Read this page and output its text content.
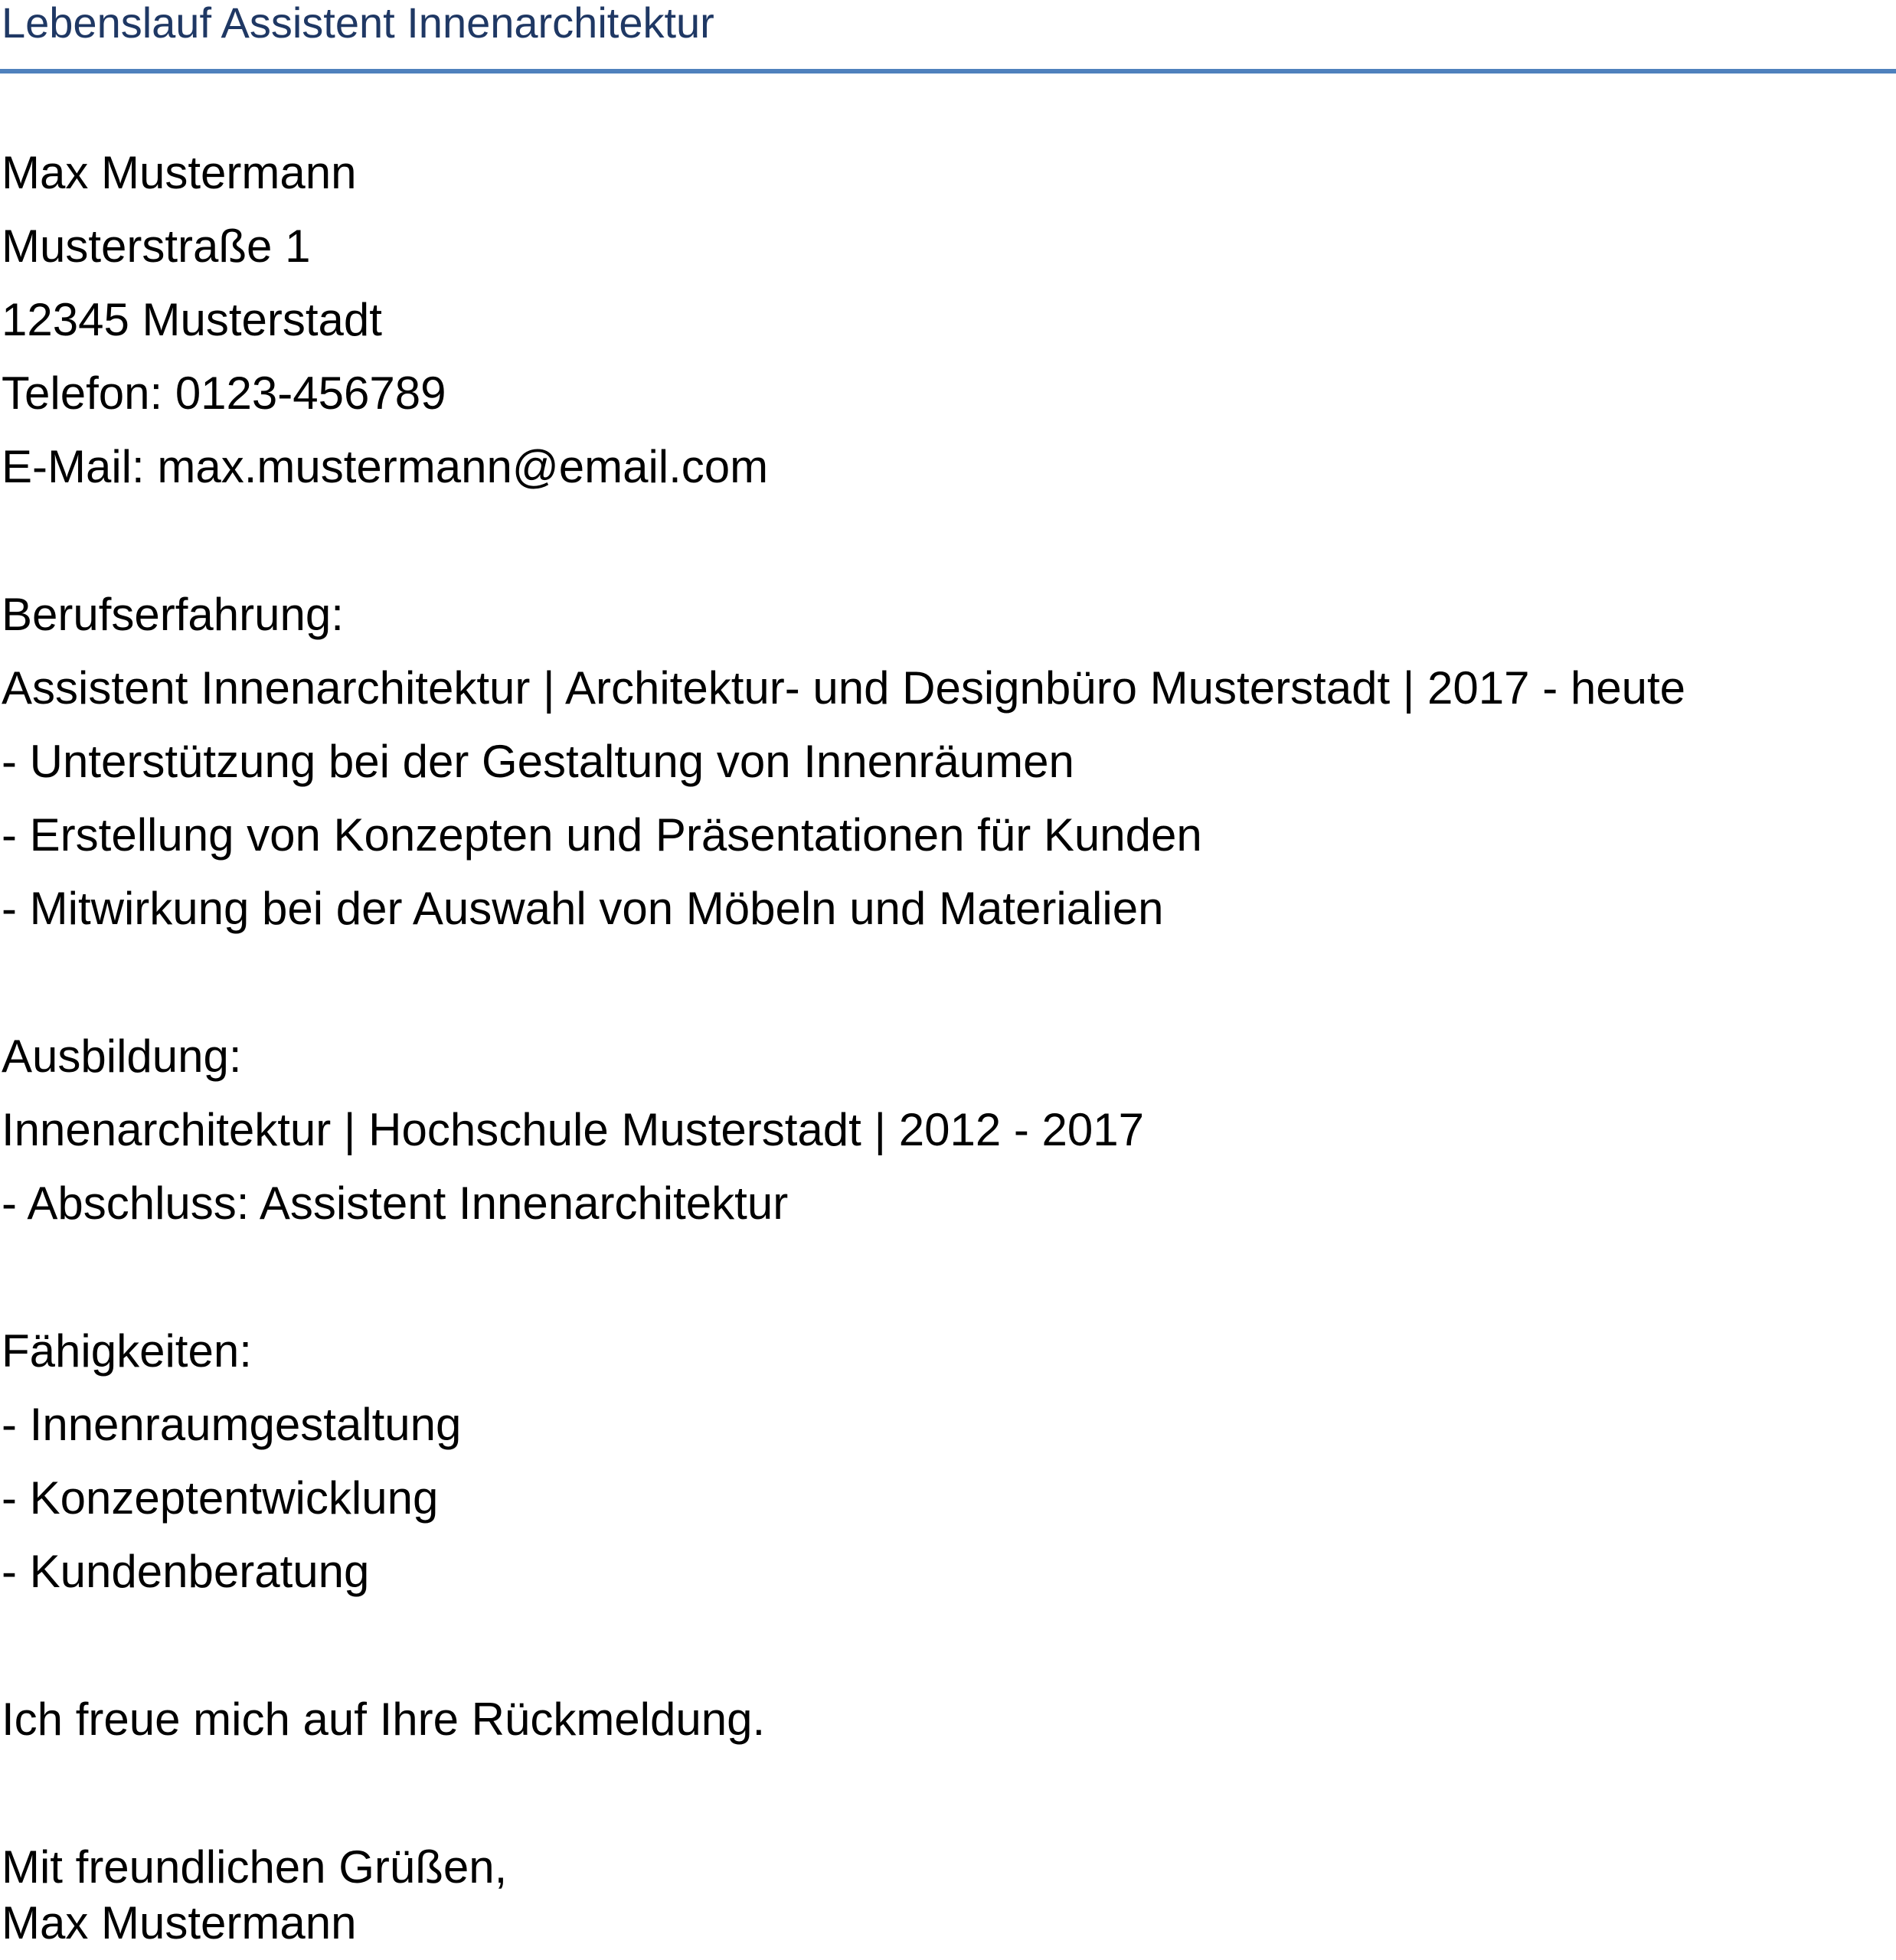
Lebenslauf Assistent Innenarchitektur
Max Mustermann
Musterstraße 1
12345 Musterstadt
Telefon: 0123-456789
E-Mail: max.mustermann@email.com
Berufserfahrung:
Assistent Innenarchitektur | Architektur- und Designbüro Musterstadt | 2017 - heute
- Unterstützung bei der Gestaltung von Innenräumen
- Erstellung von Konzepten und Präsentationen für Kunden
- Mitwirkung bei der Auswahl von Möbeln und Materialien
Ausbildung:
Innenarchitektur | Hochschule Musterstadt | 2012 - 2017
- Abschluss: Assistent Innenarchitektur
Fähigkeiten:
- Innenraumgestaltung
- Konzeptentwicklung
- Kundenberatung
Ich freue mich auf Ihre Rückmeldung.
Mit freundlichen Grüßen,
Max Mustermann
